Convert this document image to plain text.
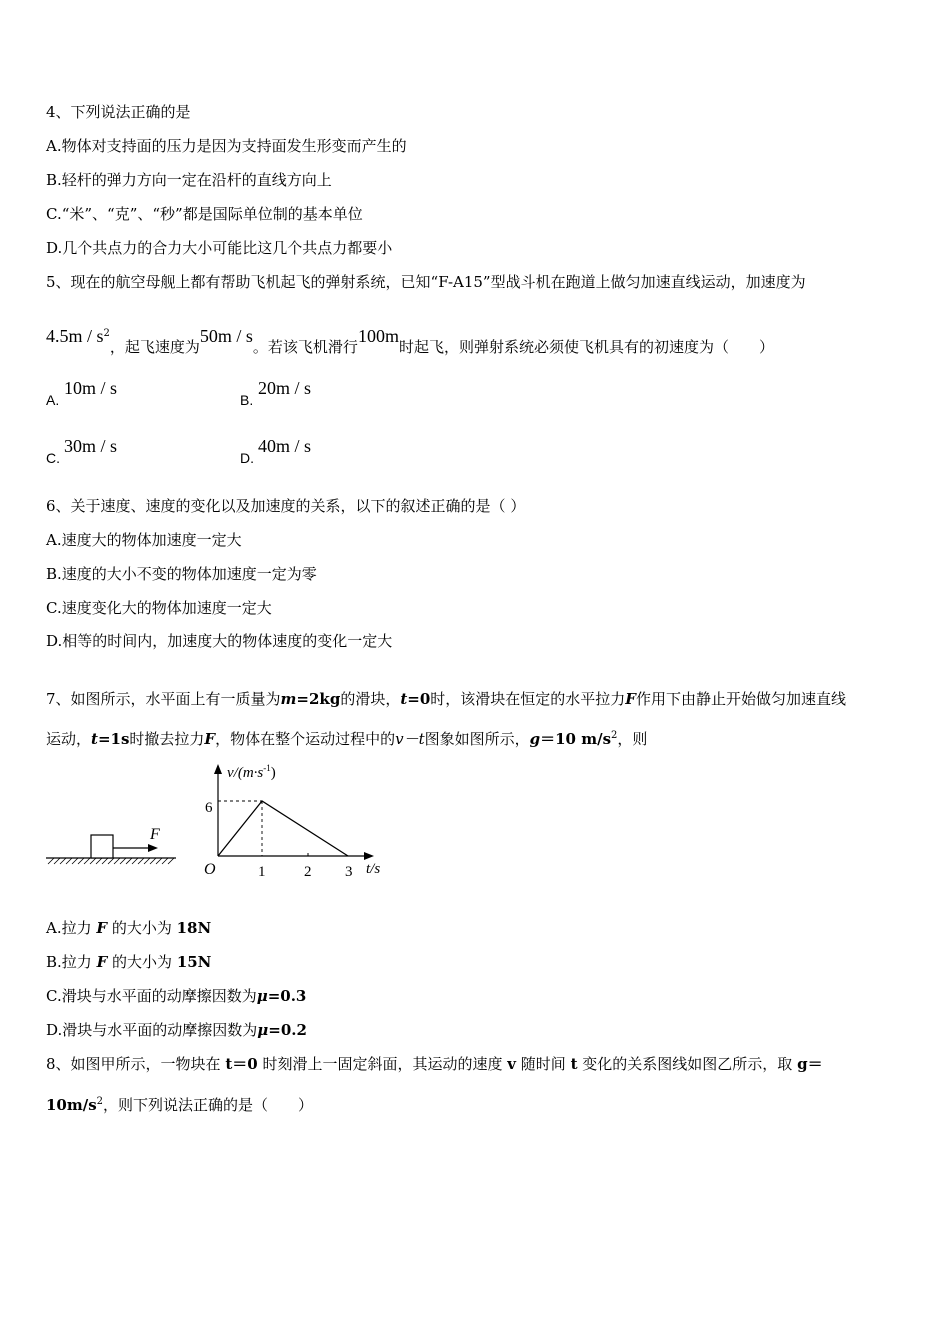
4、下列说法正确的是
A.物体对支持面的压力是因为支持面发生形变而产生的
B.轻杆的弹力方向一定在沿杆的直线方向上
C.“米”、“克”、“秒”都是国际单位制的基本单位
D.几个共点力的合力大小可能比这几个共点力都要小
5、现在的航空母舰上都有帮助飞机起飞的弹射系统，已知“F-A15”型战斗机在跑道上做匀加速直线运动，加速度为
$4.5m / s^2$，起飞速度为50m / s。若该飞机滑行100m时起飞，则弹射系统必须使飞机具有的初速度为（　　）
A.
10m / s
B.
20m / s
C.
30m / s
D.
40m / s
6、关于速度、速度的变化以及加速度的关系，以下的叙述正确的是（ ）
A.速度大的物体加速度一定大
B.速度的大小不变的物体加速度一定为零
C.速度变化大的物体加速度一定大
D.相等的时间内，加速度大的物体速度的变化一定大
7、如图所示，水平面上有一质量为m=2kg的滑块，t=0时，该滑块在恒定的水平拉力F作用下由静止开始做匀加速直线
运动，t=1s时撤去拉力F，物体在整个运动过程中的v－t图象如图所示，g＝10 $m/s^2$，则
F
$v/(m\cdot s^{-1})$
6
O	1	2 3 t/s
A.拉力 F 的大小为 18N
B.拉力 F 的大小为 15N
C.滑块与水平面的动摩擦因数为μ=0.3
D.滑块与水平面的动摩擦因数为μ=0.2
8、如图甲所示，一物块在 t＝0 时刻滑上一固定斜面，其运动的速度 v 随时间 t 变化的关系图线如图乙所示，取 g＝
$10m/s^2$，则下列说法正确的是（　　）
